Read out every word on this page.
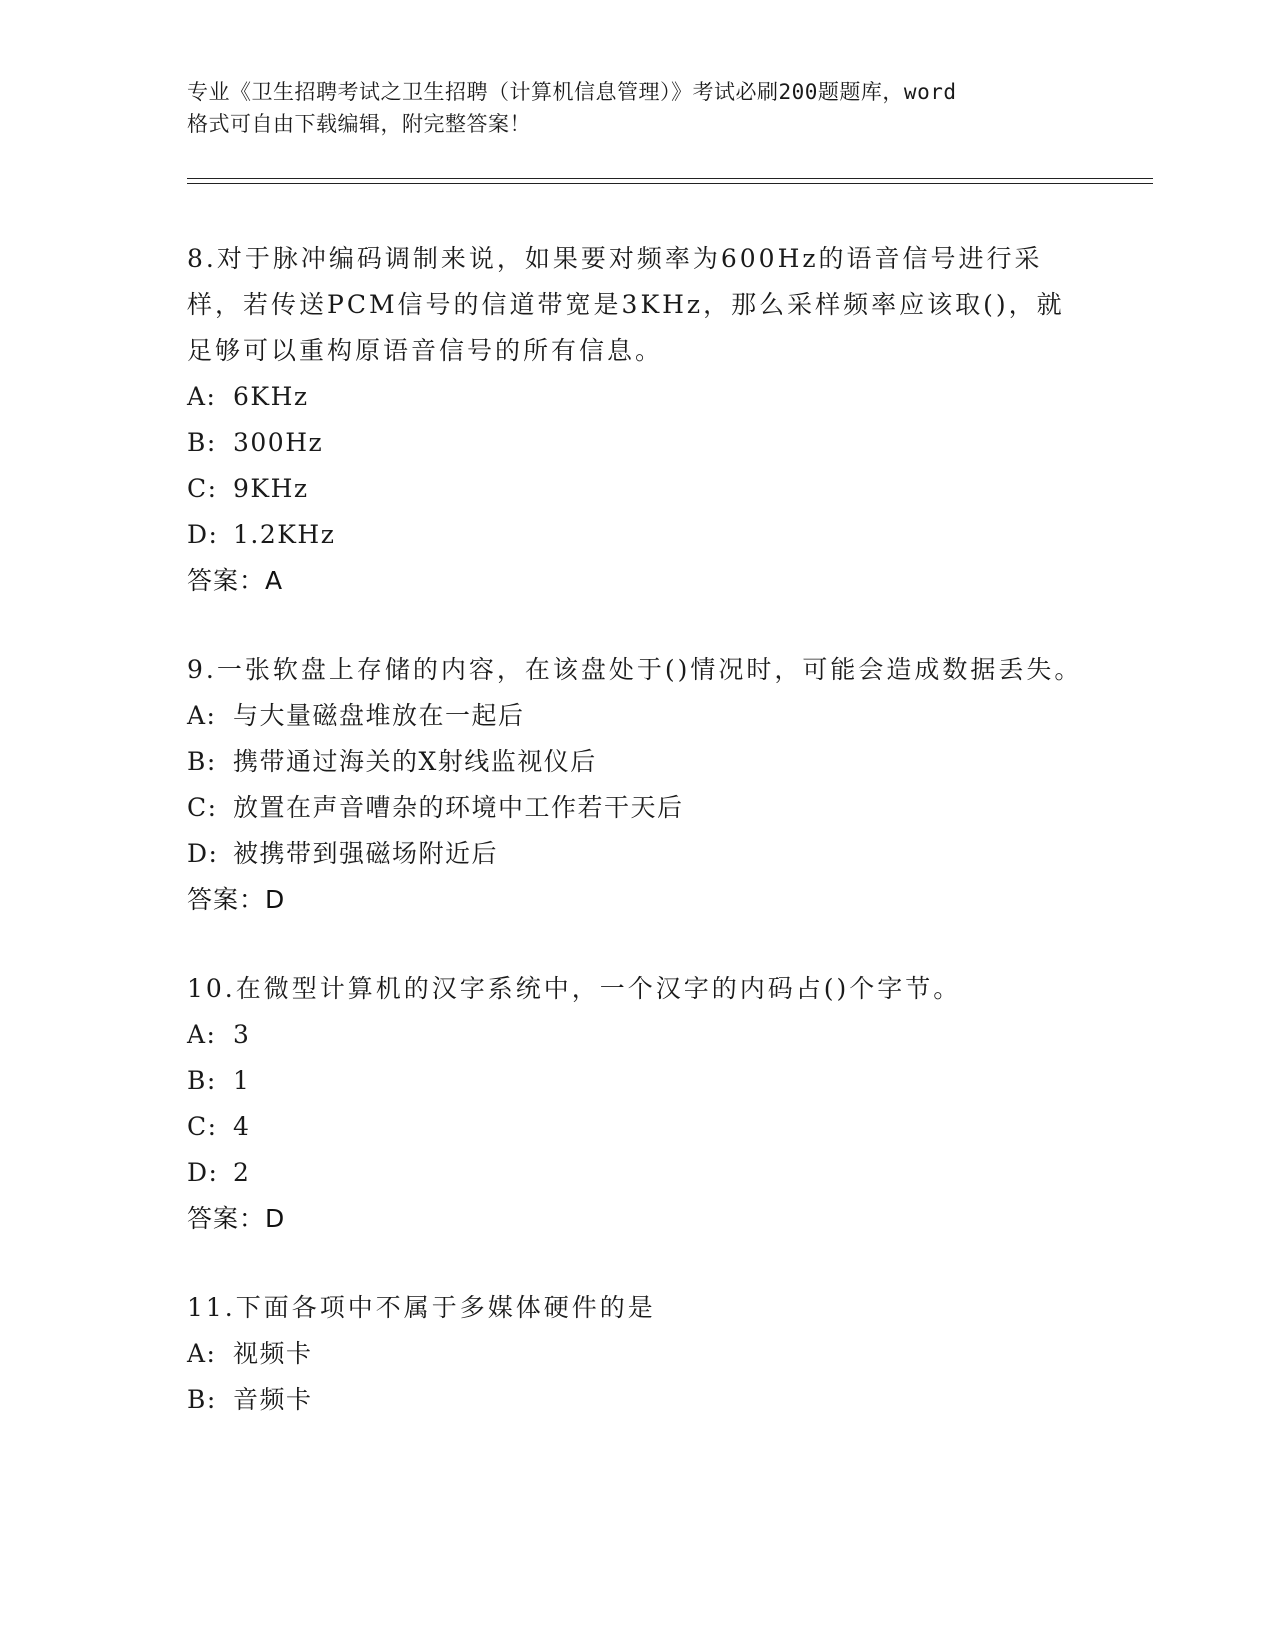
专业《卫生招聘考试之卫生招聘（计算机信息管理）》考试必刷200题题库，word
格式可自由下载编辑，附完整答案！
8.对于脉冲编码调制来说，如果要对频率为600Hz的语音信号进行采样，若传送PCM信号的信道带宽是3KHz，那么采样频率应该取()，就足够可以重构原语音信号的所有信息。
A: 6KHz
B: 300Hz
C: 9KHz
D: 1.2KHz
答案：A
9.一张软盘上存储的内容，在该盘处于()情况时，可能会造成数据丢失。
A: 与大量磁盘堆放在一起后
B: 携带通过海关的X射线监视仪后
C: 放置在声音嘈杂的环境中工作若干天后
D: 被携带到强磁场附近后
答案：D
10.在微型计算机的汉字系统中，一个汉字的内码占()个字节。
A: 3
B: 1
C: 4
D: 2
答案：D
11.下面各项中不属于多媒体硬件的是
A: 视频卡
B: 音频卡
